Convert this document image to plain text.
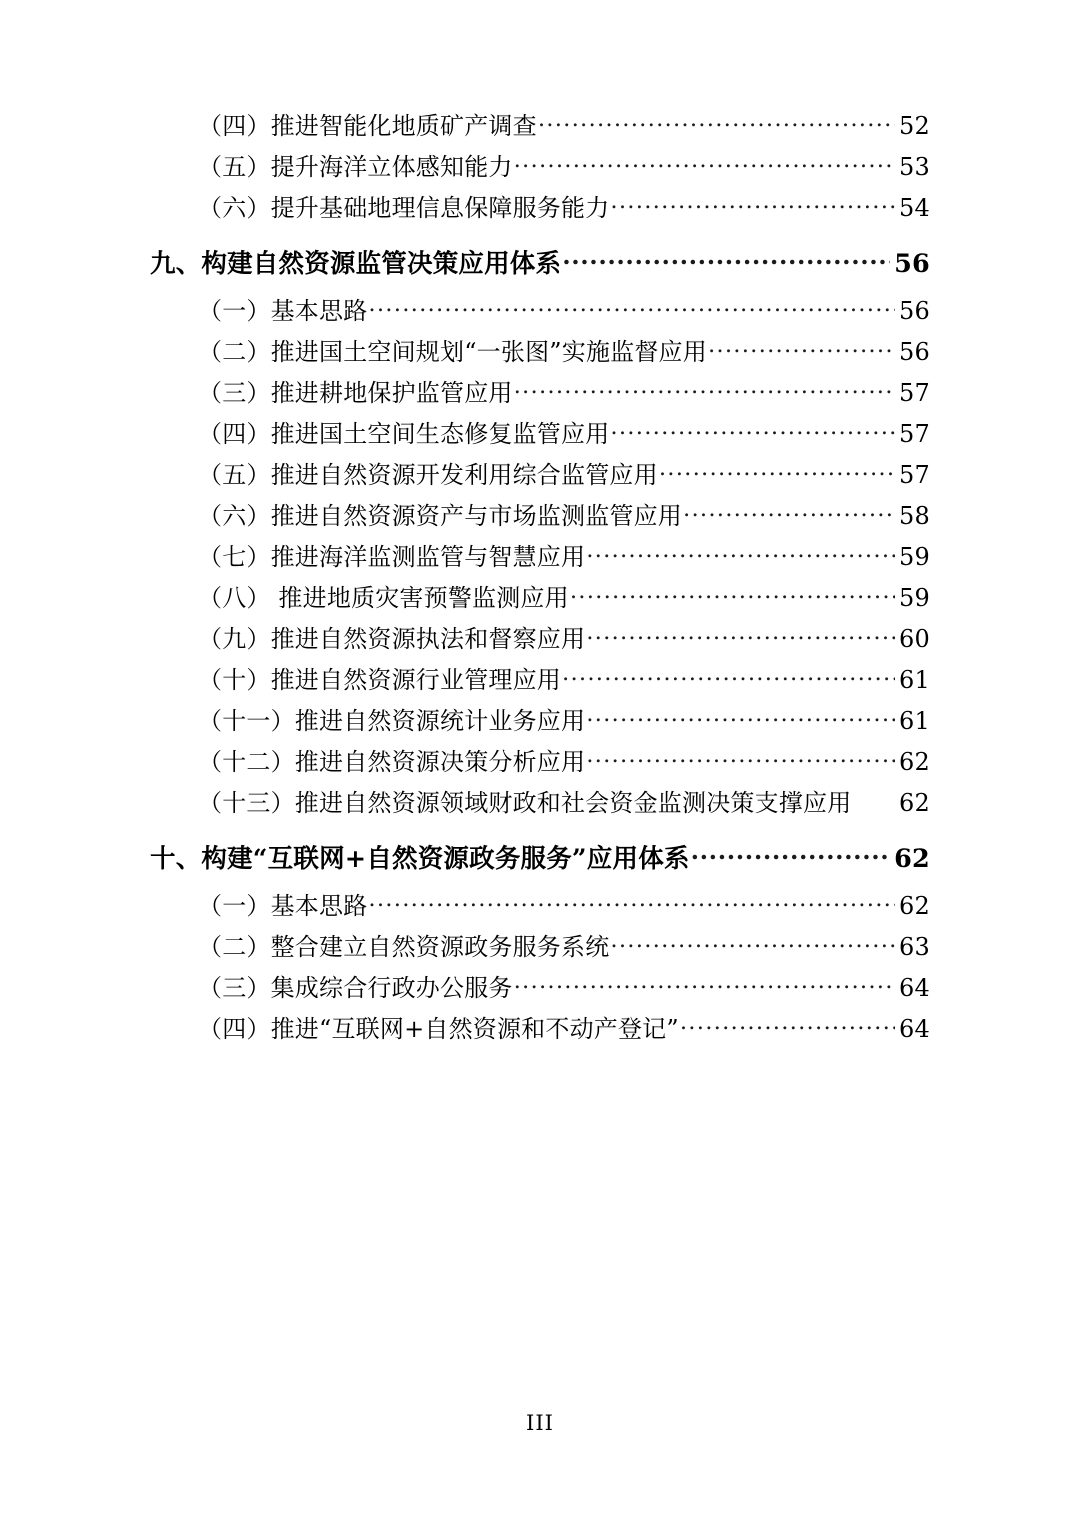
（四）推进智能化地质矿产调查 .....	52
（五）提升海洋立体感知能力 .....	53
（六）提升基础地理信息保障服务能力 .....	54
九、构建自然资源监管决策应用体系 .....	56
（一）基本思路 .....	56
（二）推进国土空间规划“一张图”实施监督应用 .....	56
（三）推进耕地保护监管应用 .....	57
（四）推进国土空间生态修复监管应用 .....	57
（五）推进自然资源开发利用综合监管应用 .....	57
（六）推进自然资源资产与市场监测监管应用 .....	58
（七）推进海洋监测监管与智慧应用 .....	59
（八） 推进地质灾害预警监测应用 .....	59
（九）推进自然资源执法和督察应用 .....	60
（十）推进自然资源行业管理应用 .....	61
（十一）推进自然资源统计业务应用 .....	61
（十二）推进自然资源决策分析应用 .....	62
（十三）推进自然资源领域财政和社会资金监测决策支撑应用 62
十、构建“互联网+自然资源政务服务”应用体系 .....	62
（一）基本思路 .....	62
（二）整合建立自然资源政务服务系统 .....	63
（三）集成综合行政办公服务 .....	64
（四）推进“互联网+自然资源和不动产登记” .....	64
III
